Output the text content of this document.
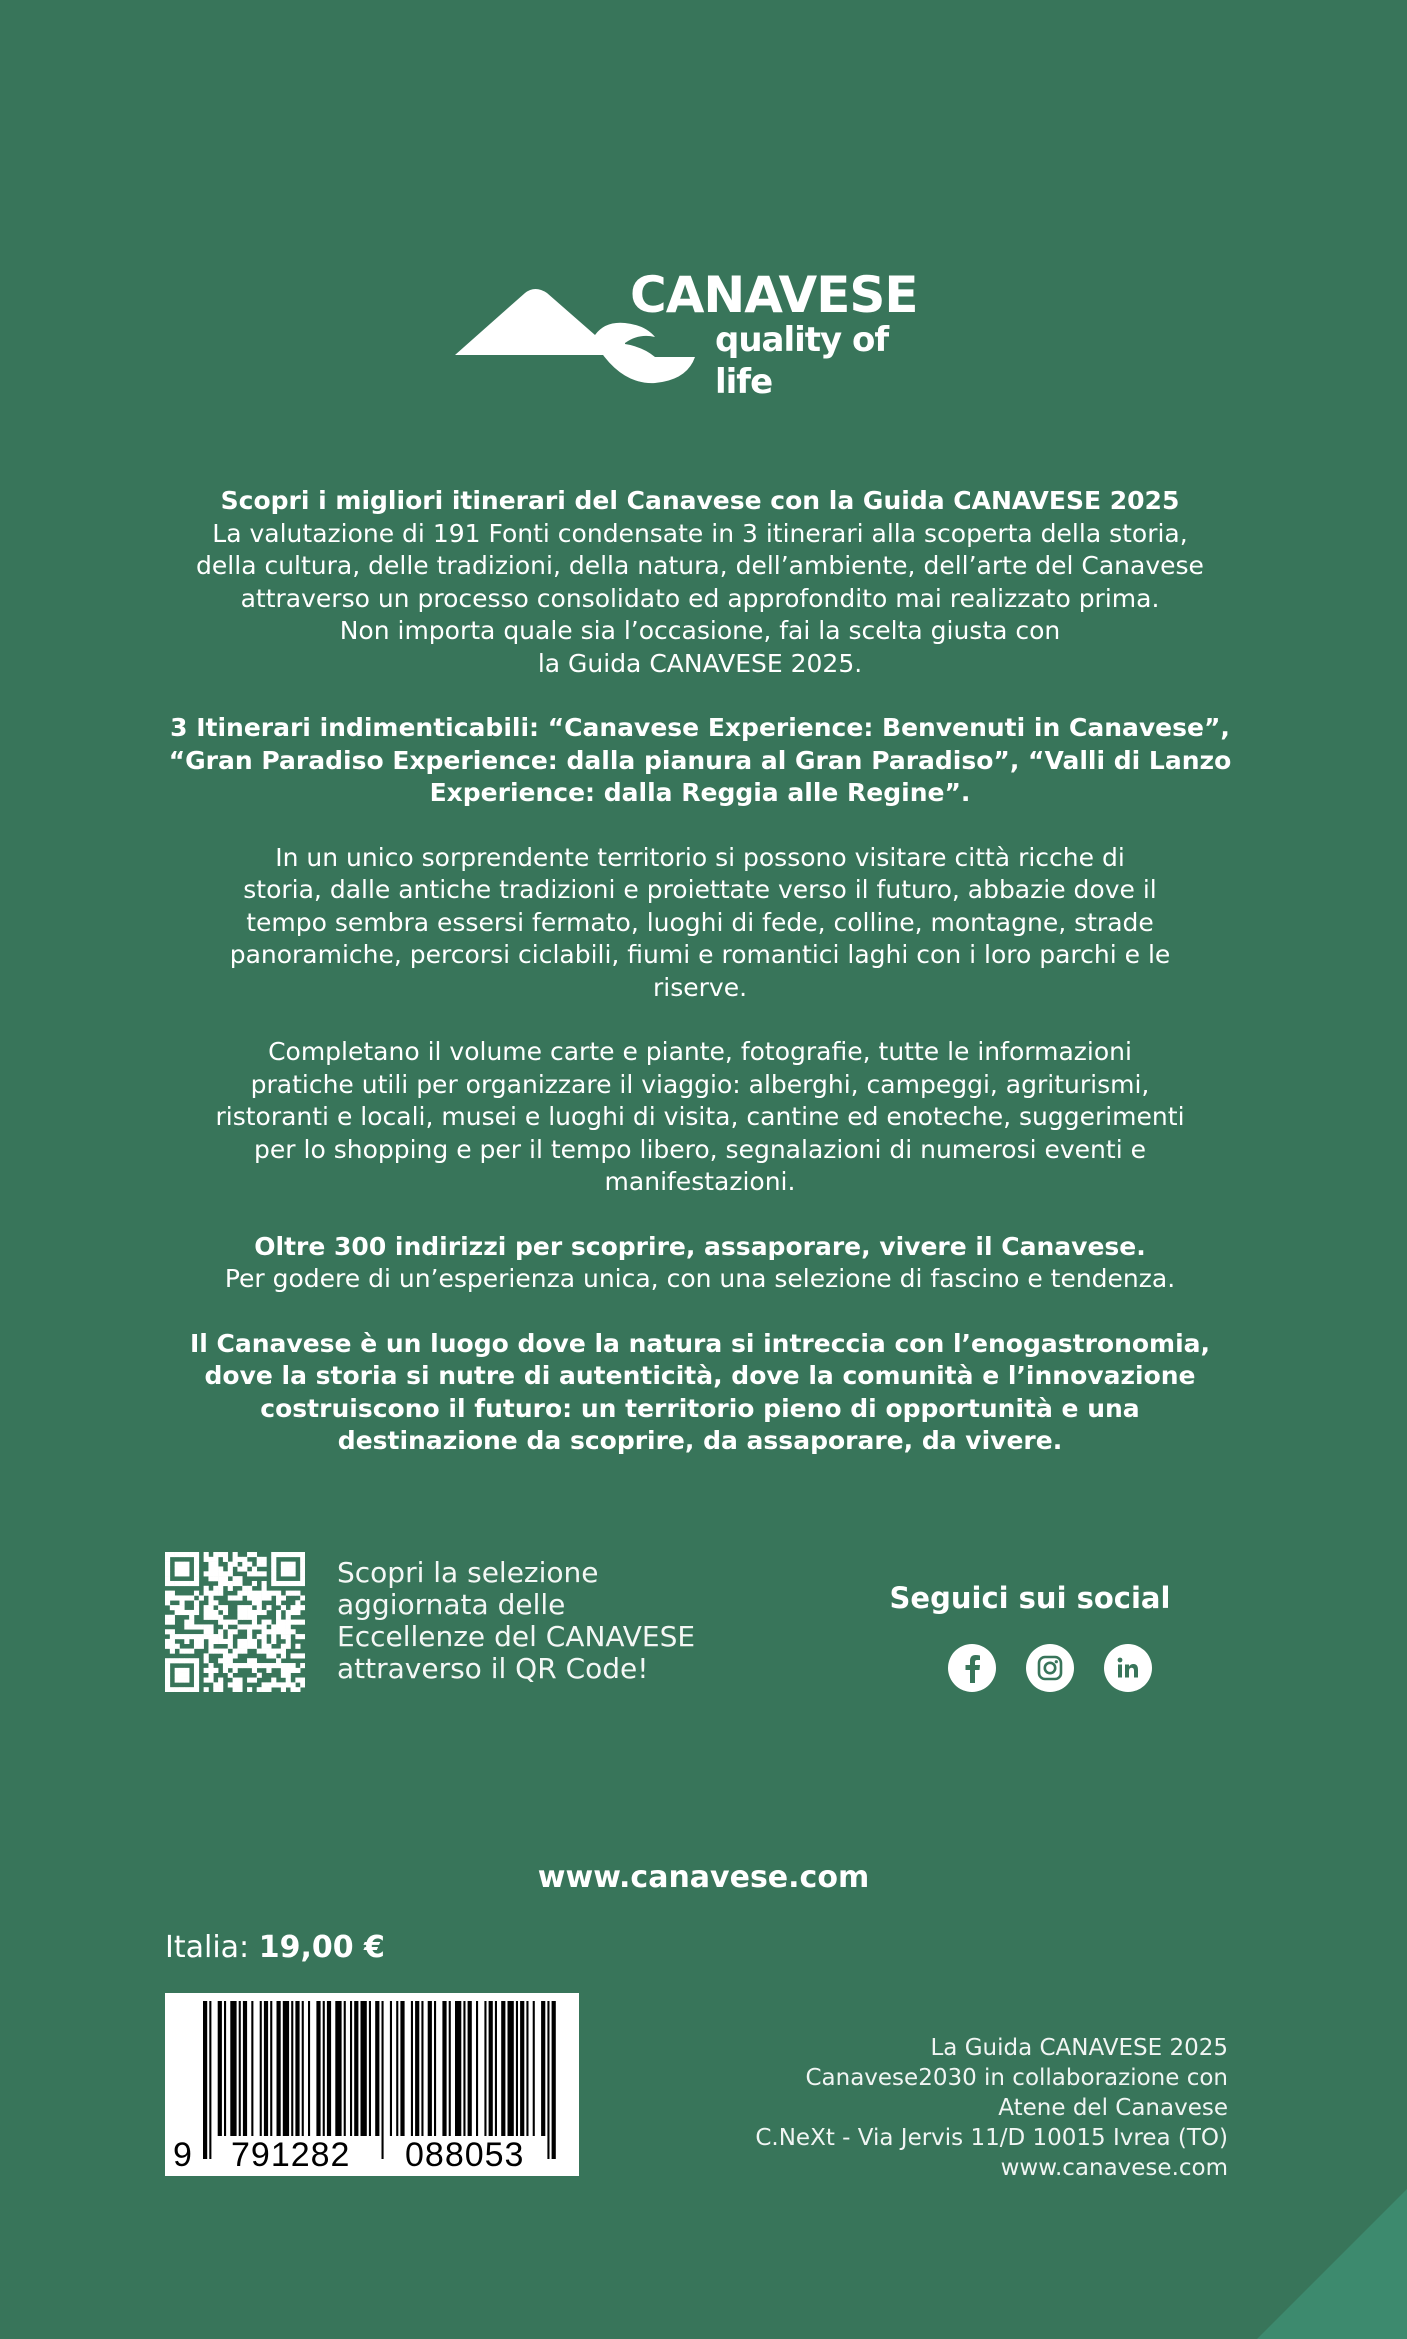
CANAVESE
quality of life

Scopri i migliori itinerari del Canavese con la Guida CANAVESE 2025
La valutazione di 191 Fonti condensate in 3 itinerari alla scoperta della storia,
della cultura, delle tradizioni, della natura, dell’ambiente, dell’arte del Canavese
attraverso un processo consolidato ed approfondito mai realizzato prima.
Non importa quale sia l’occasione, fai la scelta giusta con
la Guida CANAVESE 2025.

3 Itinerari indimenticabili: “Canavese Experience: Benvenuti in Canavese”,
“Gran Paradiso Experience: dalla pianura al Gran Paradiso”, “Valli di Lanzo
Experience: dalla Reggia alle Regine”.

In un unico sorprendente territorio si possono visitare città ricche di
storia, dalle antiche tradizioni e proiettate verso il futuro, abbazie dove il
tempo sembra essersi fermato, luoghi di fede, colline, montagne, strade
panoramiche, percorsi ciclabili, fiumi e romantici laghi con i loro parchi e le
riserve.

Completano il volume carte e piante, fotografie, tutte le informazioni
pratiche utili per organizzare il viaggio: alberghi, campeggi, agriturismi,
ristoranti e locali, musei e luoghi di visita, cantine ed enoteche, suggerimenti
per lo shopping e per il tempo libero, segnalazioni di numerosi eventi e
manifestazioni.

Oltre 300 indirizzi per scoprire, assaporare, vivere il Canavese.
Per godere di un’esperienza unica, con una selezione di fascino e tendenza.

Il Canavese è un luogo dove la natura si intreccia con l’enogastronomia,
dove la storia si nutre di autenticità, dove la comunità e l’innovazione
costruiscono il futuro: un territorio pieno di opportunità e una
destinazione da scoprire, da assaporare, da vivere.

Scopri la selezione
aggiornata delle
Eccellenze del CANAVESE
attraverso il QR Code!
Seguici sui social
www.canavese.com
Italia: 19,00 €
9 791282 088053
La Guida CANAVESE 2025
Canavese2030 in collaborazione con
Atene del Canavese
C.NeXt - Via Jervis 11/D 10015 Ivrea (TO)
www.canavese.com
